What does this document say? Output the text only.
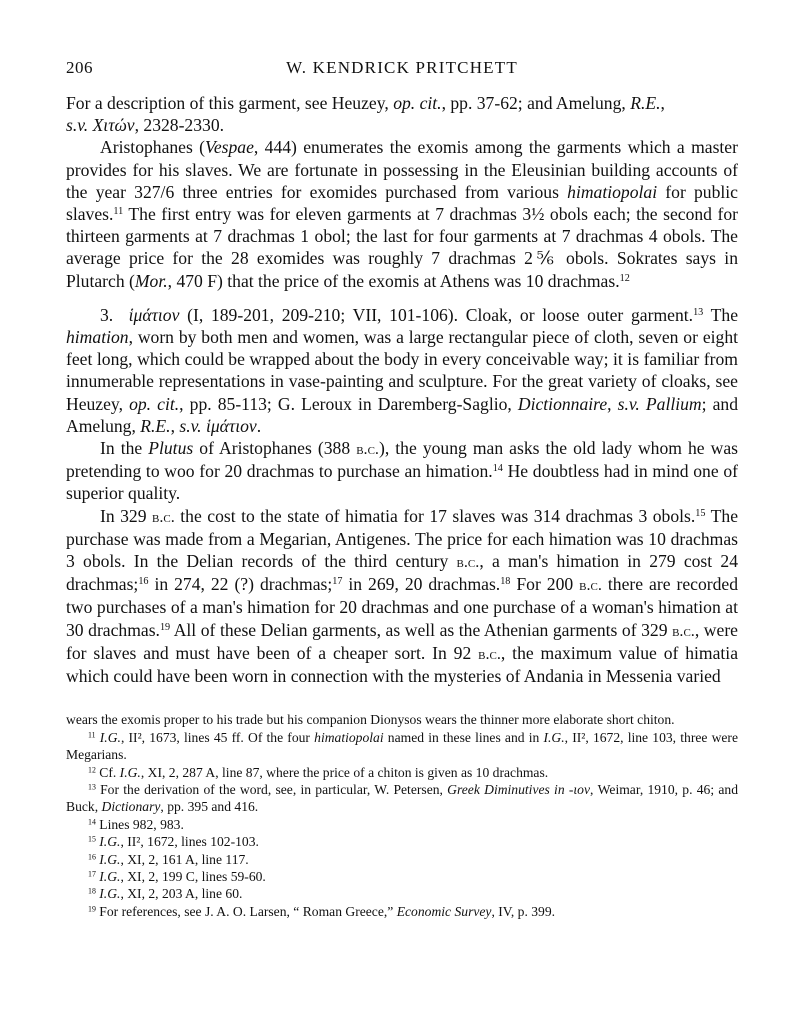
206	W. KENDRICK PRITCHETT

For a description of this garment, see Heuzey, op. cit., pp. 37-62; and Amelung, R.E.,
s.v. Χιτών, 2328-2330.

Aristophanes (Vespae, 444) enumerates the exomis among the garments which a master provides for his slaves. We are fortunate in possessing in the Eleusinian building accounts of the year 327/6 three entries for exomides purchased from various himatiopolai for public slaves.$^{11}$ The first entry was for eleven garments at 7 drachmas 3½ obols each; the second for thirteen garments at 7 drachmas 1 obol; the last for four garments at 7 drachmas 4 obols. The average price for the 28 exomides was roughly 7 drachmas 2⅚ obols. Sokrates says in Plutarch (Mor., 470 F) that the price of the exomis at Athens was 10 drachmas.$^{12}$

3. ἱμάτιον (I, 189-201, 209-210; VII, 101-106). Cloak, or loose outer garment.$^{13}$ The himation, worn by both men and women, was a large rectangular piece of cloth, seven or eight feet long, which could be wrapped about the body in every conceivable way; it is familiar from innumerable representations in vase-painting and sculpture. For the great variety of cloaks, see Heuzey, op. cit., pp. 85-113; G. Leroux in Daremberg-Saglio, Dictionnaire, s.v. Pallium; and Amelung, R.E., s.v. ἱμάτιον.

In the Plutus of Aristophanes (388 b.c.), the young man asks the old lady whom he was pretending to woo for 20 drachmas to purchase an himation.$^{14}$ He doubtless had in mind one of superior quality.

In 329 b.c. the cost to the state of himatia for 17 slaves was 314 drachmas 3 obols.$^{15}$ The purchase was made from a Megarian, Antigenes. The price for each himation was 10 drachmas 3 obols. In the Delian records of the third century b.c., a man's himation in 279 cost 24 drachmas;$^{16}$ in 274, 22 (?) drachmas;$^{17}$ in 269, 20 drachmas.$^{18}$ For 200 b.c. there are recorded two purchases of a man's himation for 20 drachmas and one purchase of a woman's himation at 30 drachmas.$^{19}$ All of these Delian garments, as well as the Athenian garments of 329 b.c., were for slaves and must have been of a cheaper sort. In 92 b.c., the maximum value of himatia which could have been worn in connection with the mysteries of Andania in Messenia varied

wears the exomis proper to his trade but his companion Dionysos wears the thinner more elaborate short chiton.

$^{11}$ I.G., II², 1673, lines 45 ff. Of the four himatiopolai named in these lines and in I.G., II², 1672, line 103, three were Megarians.

$^{12}$ Cf. I.G., XI, 2, 287 A, line 87, where the price of a chiton is given as 10 drachmas.

$^{13}$ For the derivation of the word, see, in particular, W. Petersen, Greek Diminutives in -ιον, Weimar, 1910, p. 46; and Buck, Dictionary, pp. 395 and 416.

$^{14}$ Lines 982, 983.

$^{15}$ I.G., II², 1672, lines 102-103.

$^{16}$ I.G., XI, 2, 161 A, line 117.

$^{17}$ I.G., XI, 2, 199 C, lines 59-60.

$^{18}$ I.G., XI, 2, 203 A, line 60.

$^{19}$ For references, see J. A. O. Larsen, “ Roman Greece,” Economic Survey, IV, p. 399.
